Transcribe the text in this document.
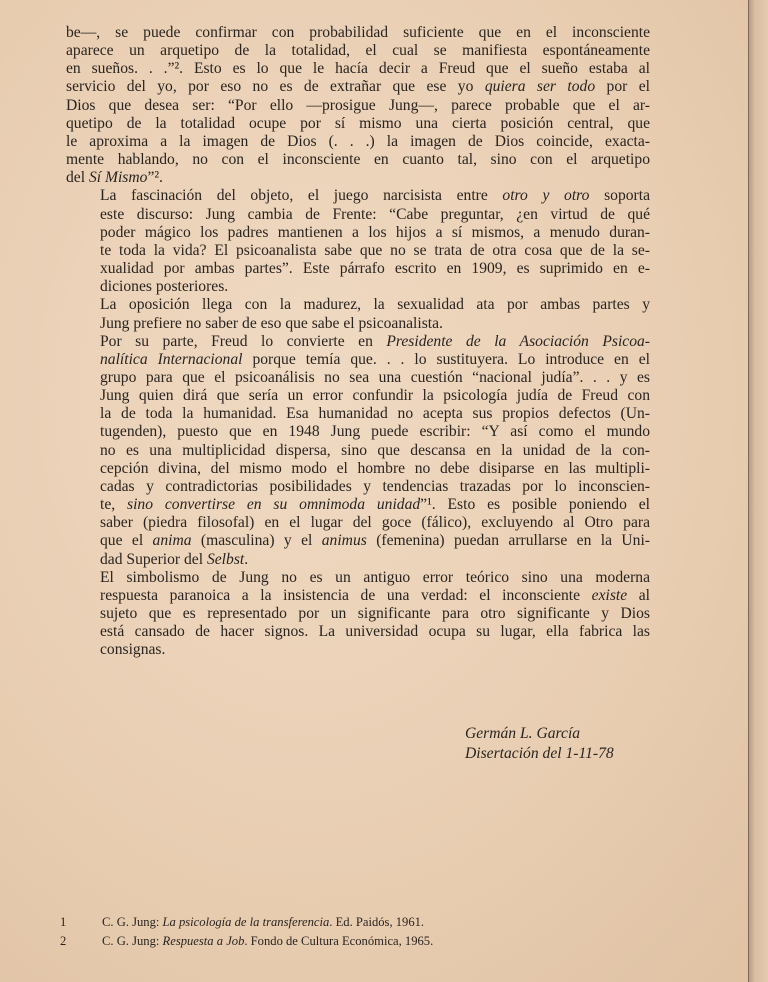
be—, se puede confirmar con probabilidad suficiente que en el inconsciente
aparece un arquetipo de la totalidad, el cual se manifiesta espontáneamente
en sueños. . .”². Esto es lo que le hacía decir a Freud que el sueño estaba al
servicio del yo, por eso no es de extrañar que ese yo quiera ser todo por el
Dios que desea ser: “Por ello —prosigue Jung—, parece probable que el ar-
quetipo de la totalidad ocupe por sí mismo una cierta posición central, que
le aproxima a la imagen de Dios (. . .) la imagen de Dios coincide, exacta-
mente hablando, no con el inconsciente en cuanto tal, sino con el arquetipo
del Sí Mismo”².

La fascinación del objeto, el juego narcisista entre otro y otro soporta
este discurso: Jung cambia de Frente: “Cabe preguntar, ¿en virtud de qué
poder mágico los padres mantienen a los hijos a sí mismos, a menudo duran-
te toda la vida? El psicoanalista sabe que no se trata de otra cosa que de la se-
xualidad por ambas partes”. Este párrafo escrito en 1909, es suprimido en e-
diciones posteriores.

La oposición llega con la madurez, la sexualidad ata por ambas partes y
Jung prefiere no saber de eso que sabe el psicoanalista.

Por su parte, Freud lo convierte en Presidente de la Asociación Psicoa-
nalítica Internacional porque temía que. . . lo sustituyera. Lo introduce en el
grupo para que el psicoanálisis no sea una cuestión “nacional judía”. . . y es
Jung quien dirá que sería un error confundir la psicología judía de Freud con
la de toda la humanidad. Esa humanidad no acepta sus propios defectos (Un-
tugenden), puesto que en 1948 Jung puede escribir: “Y así como el mundo
no es una multiplicidad dispersa, sino que descansa en la unidad de la con-
cepción divina, del mismo modo el hombre no debe disiparse en las multipli-
cadas y contradictorias posibilidades y tendencias trazadas por lo inconscien-
te, sino convertirse en su omnimoda unidad”¹. Esto es posible poniendo el
saber (piedra filosofal) en el lugar del goce (fálico), excluyendo al Otro para
que el anima (masculina) y el animus (femenina) puedan arrullarse en la Uni-
dad Superior del Selbst.

El simbolismo de Jung no es un antiguo error teórico sino una moderna
respuesta paranoica a la insistencia de una verdad: el inconsciente existe al
sujeto que es representado por un significante para otro significante y Dios
está cansado de hacer signos. La universidad ocupa su lugar, ella fabrica las
consignas.

Germán L. García
Disertación del 1-11-78
1	C. G. Jung: La psicología de la transferencia. Ed. Paidós, 1961.
2	C. G. Jung: Respuesta a Job. Fondo de Cultura Económica, 1965.
